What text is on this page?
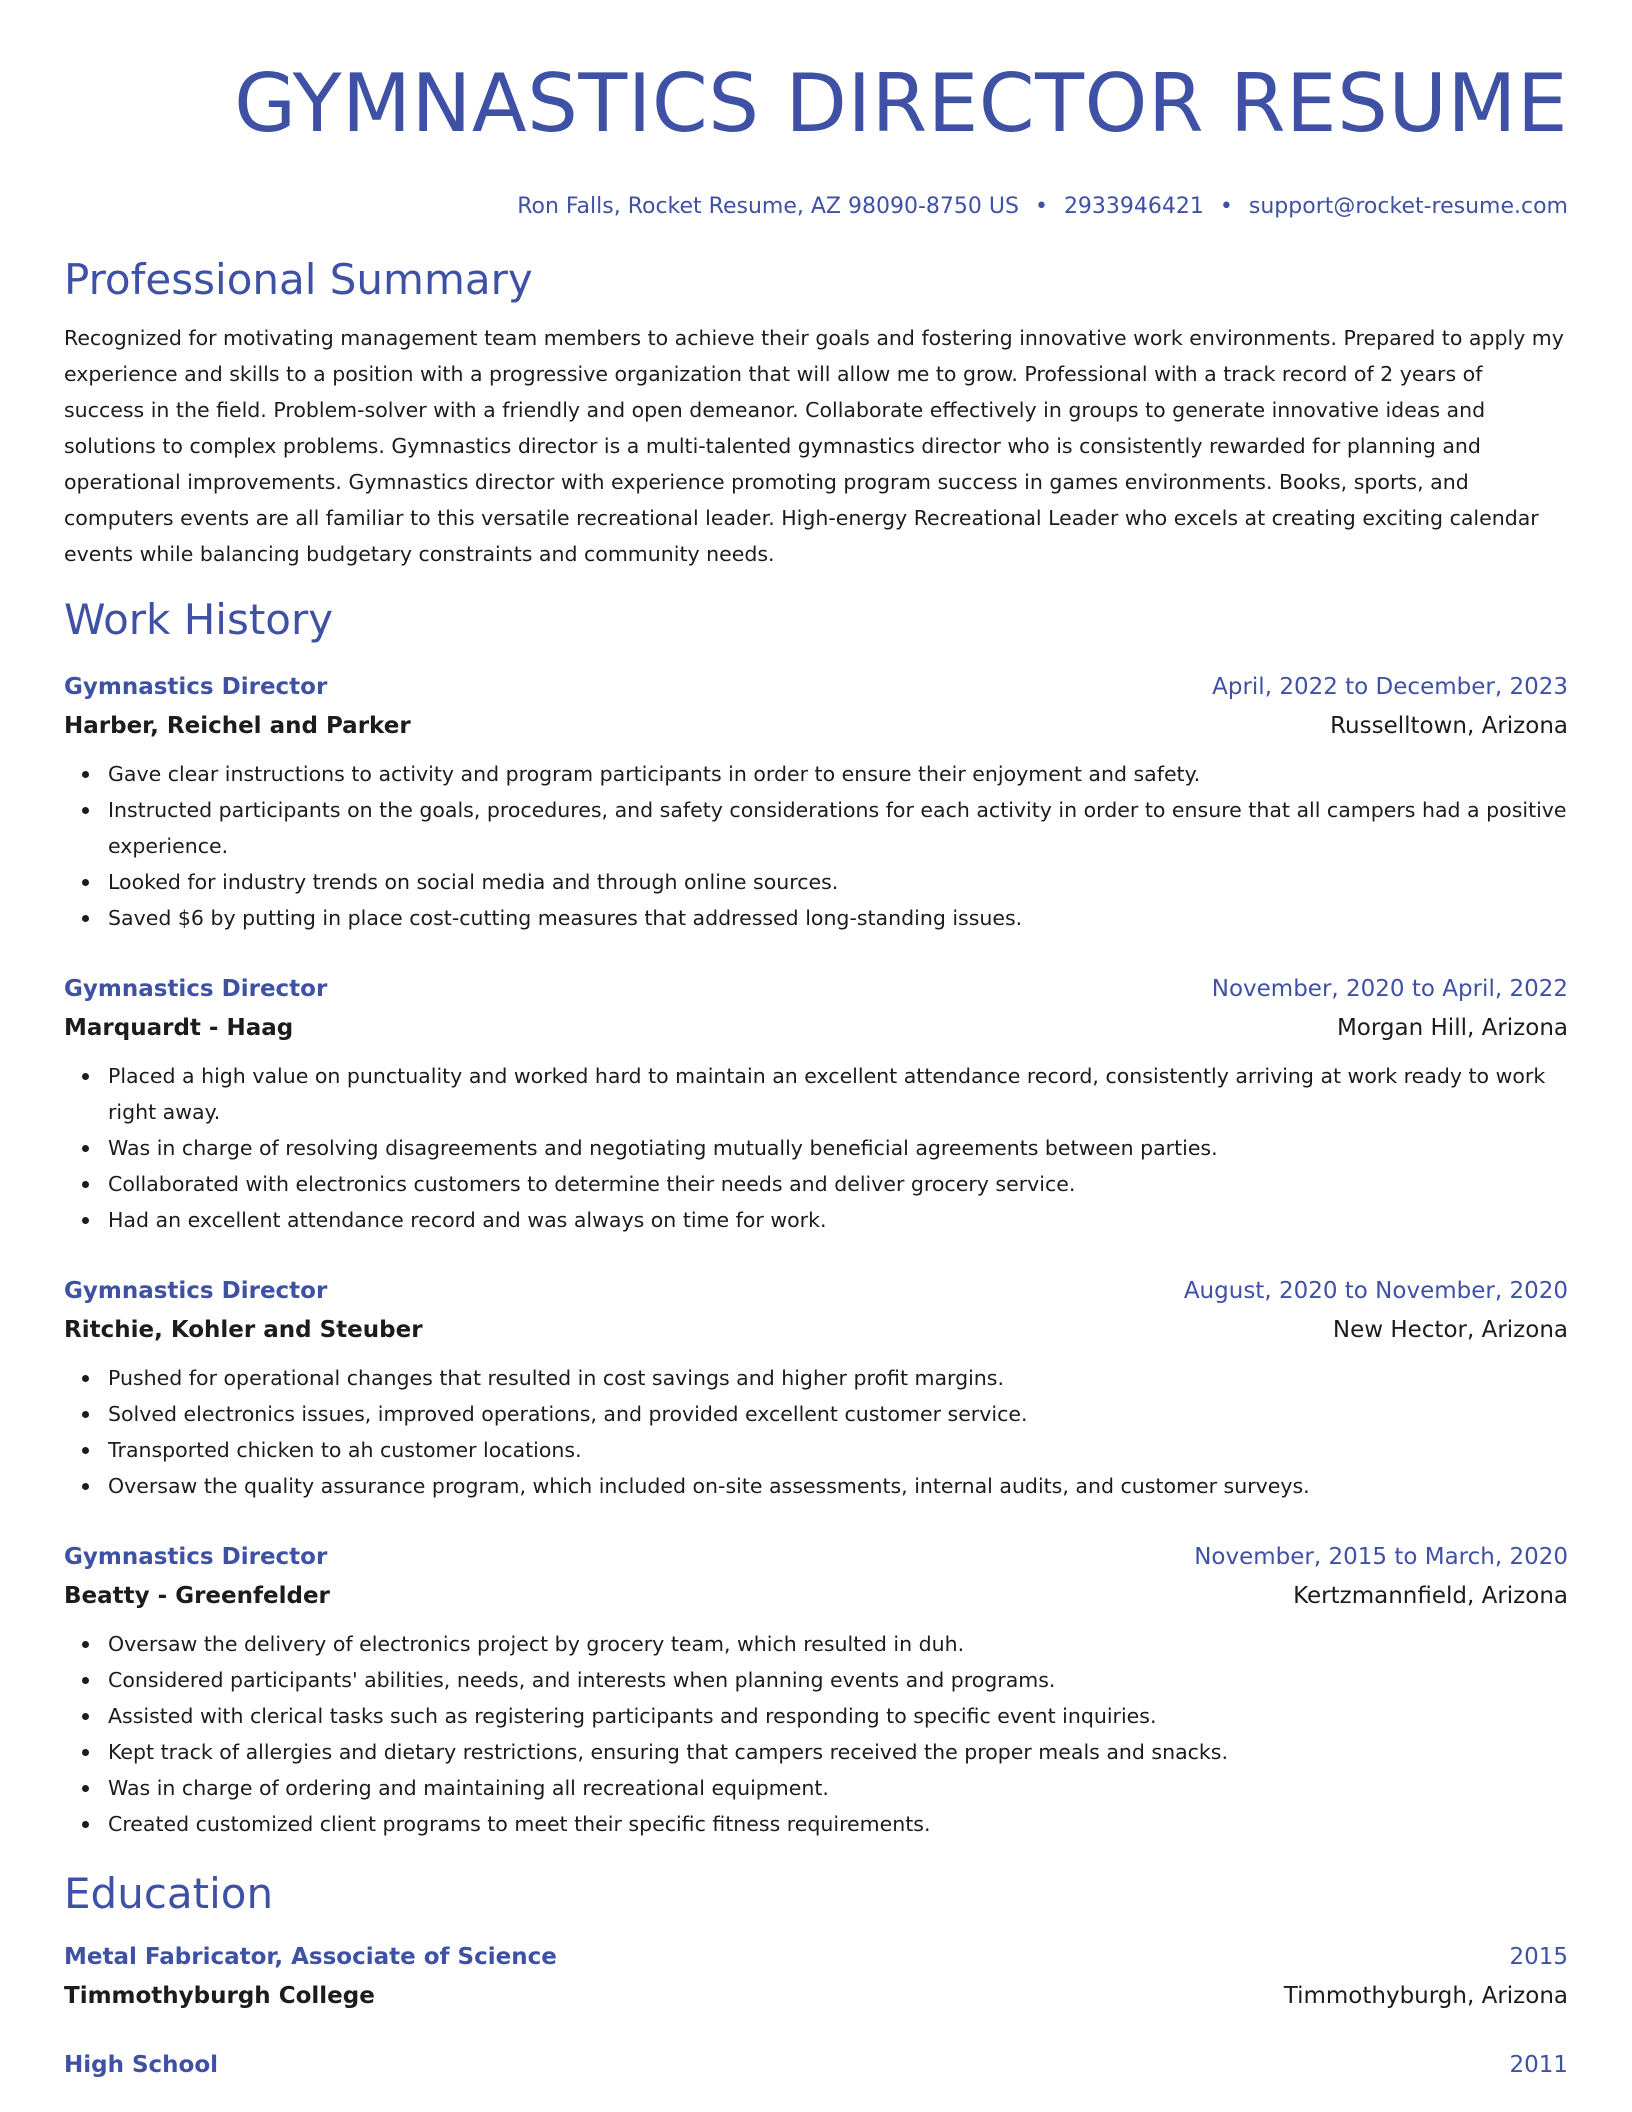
GYMNASTICS DIRECTOR RESUME
Ron Falls, Rocket Resume, AZ 98090-8750 US • 2933946421 • support@rocket-resume.com
Professional Summary

Recognized for motivating management team members to achieve their goals and fostering innovative work environments. Prepared to apply my experience and skills to a position with a progressive organization that will allow me to grow. Professional with a track record of 2 years of success in the field. Problem-solver with a friendly and open demeanor. Collaborate effectively in groups to generate innovative ideas and solutions to complex problems. Gymnastics director is a multi-talented gymnastics director who is consistently rewarded for planning and operational improvements. Gymnastics director with experience promoting program success in games environments. Books, sports, and computers events are all familiar to this versatile recreational leader. High-energy Recreational Leader who excels at creating exciting calendar events while balancing budgetary constraints and community needs.

Work History
Gymnastics Director	April, 2022 to December, 2023
Harber, Reichel and Parker	Russelltown, Arizona
Gave clear instructions to activity and program participants in order to ensure their enjoyment and safety.
Instructed participants on the goals, procedures, and safety considerations for each activity in order to ensure that all campers had a positive experience.
Looked for industry trends on social media and through online sources.
Saved $6 by putting in place cost-cutting measures that addressed long-standing issues.
Gymnastics Director	November, 2020 to April, 2022
Marquardt - Haag	Morgan Hill, Arizona
Placed a high value on punctuality and worked hard to maintain an excellent attendance record, consistently arriving at work ready to work right away.
Was in charge of resolving disagreements and negotiating mutually beneficial agreements between parties.
Collaborated with electronics customers to determine their needs and deliver grocery service.
Had an excellent attendance record and was always on time for work.
Gymnastics Director	August, 2020 to November, 2020
Ritchie, Kohler and Steuber	New Hector, Arizona
Pushed for operational changes that resulted in cost savings and higher profit margins.
Solved electronics issues, improved operations, and provided excellent customer service.
Transported chicken to ah customer locations.
Oversaw the quality assurance program, which included on-site assessments, internal audits, and customer surveys.
Gymnastics Director	November, 2015 to March, 2020
Beatty - Greenfelder	Kertzmannfield, Arizona
Oversaw the delivery of electronics project by grocery team, which resulted in duh.
Considered participants' abilities, needs, and interests when planning events and programs.
Assisted with clerical tasks such as registering participants and responding to specific event inquiries.
Kept track of allergies and dietary restrictions, ensuring that campers received the proper meals and snacks.
Was in charge of ordering and maintaining all recreational equipment.
Created customized client programs to meet their specific fitness requirements.
Education
Metal Fabricator, Associate of Science	2015
Timmothyburgh College	Timmothyburgh, Arizona
High School	2011
